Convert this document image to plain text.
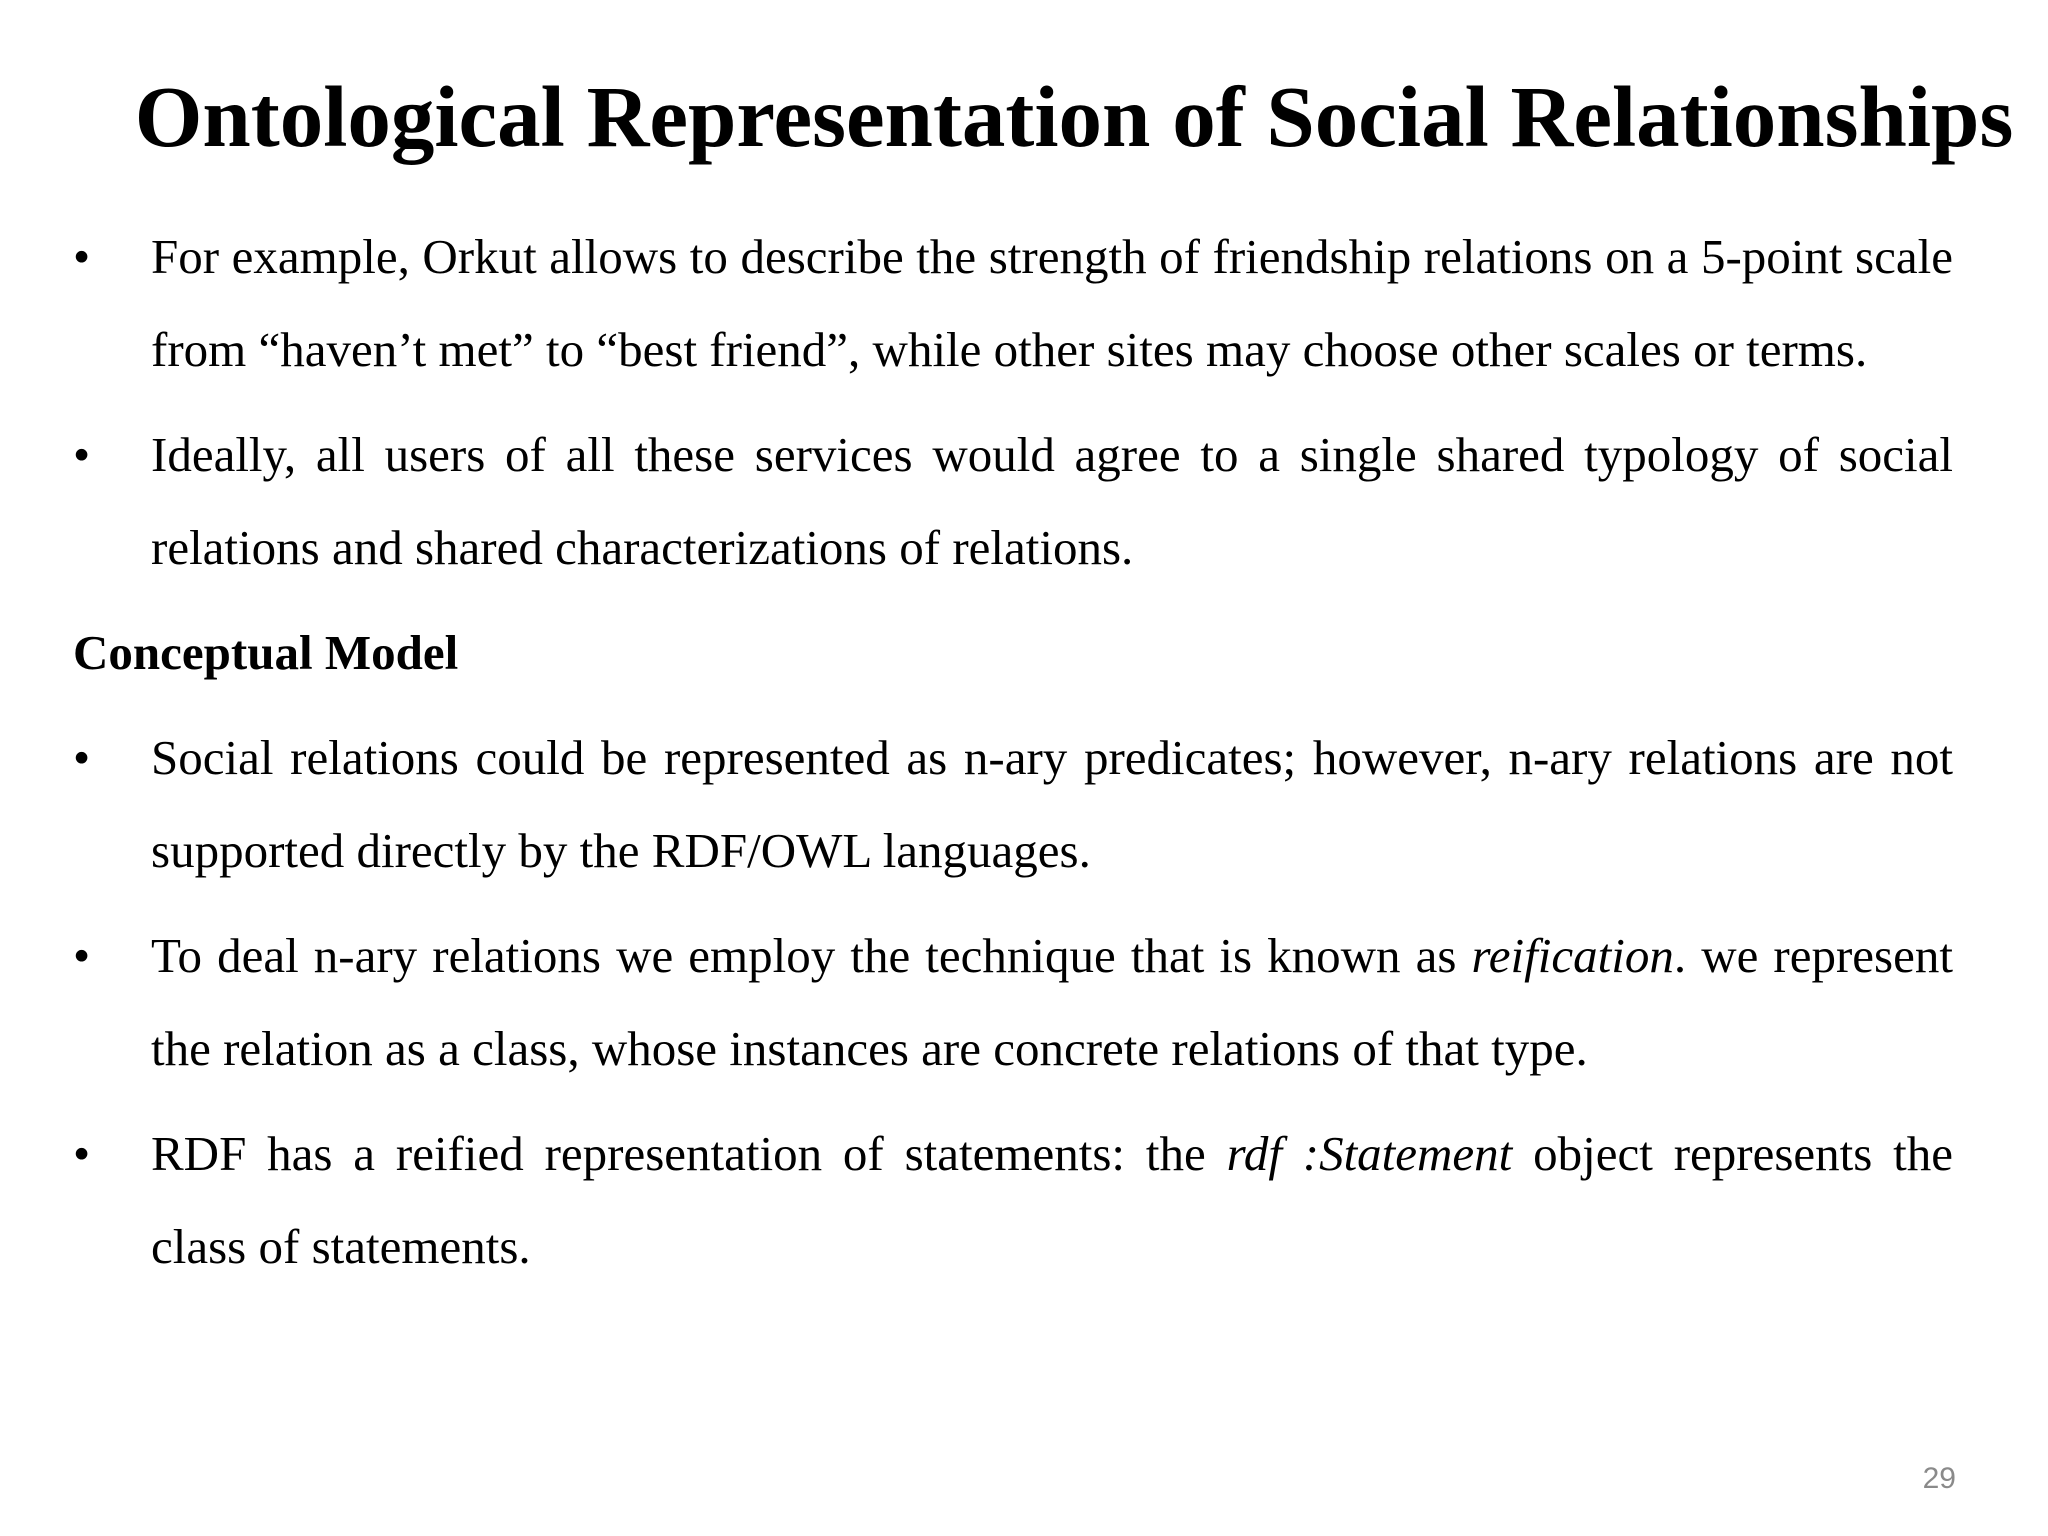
Ontological Representation of Social Relationships
•	For example, Orkut allows to describe the strength of friendship relations on a 5-point scale from “haven’t met” to “best friend”, while other sites may choose other scales or terms.
•	Ideally, all users of all these services would agree to a single shared typology of social relations and shared characterizations of relations.
Conceptual Model
•	Social relations could be represented as n-ary predicates; however, n-ary relations are not supported directly by the RDF/OWL languages.
•	To deal n-ary relations we employ the technique that is known as reification. we represent the relation as a class, whose instances are concrete relations of that type.
•	RDF has a reified representation of statements: the rdf :Statement object represents the class of statements.
29
